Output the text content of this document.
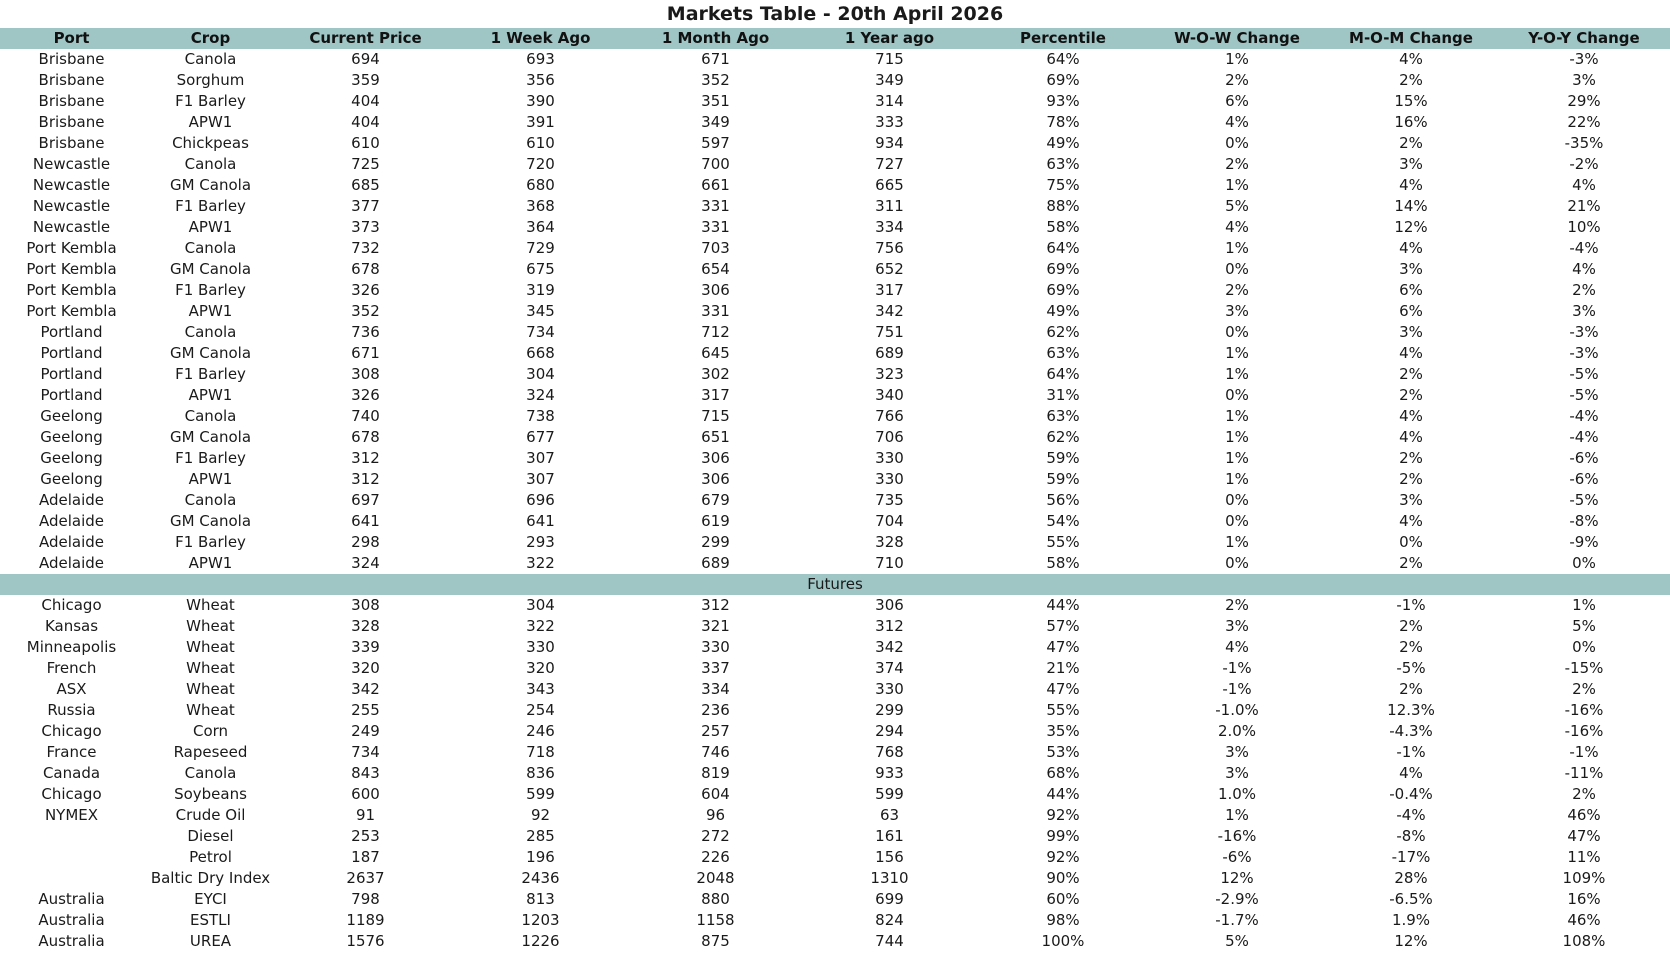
Markets Table - 20th April 2026
Port	Crop	Current Price	1 Week Ago	1 Month Ago	1 Year ago	Percentile	W-O-W Change	M-O-M Change	Y-O-Y Change
Brisbane	Canola	694	693	671	715	64%	1%	4%	-3%
Brisbane	Sorghum	359	356	352	349	69%	2%	2%	3%
Brisbane	F1 Barley	404	390	351	314	93%	6%	15%	29%
Brisbane	APW1	404	391	349	333	78%	4%	16%	22%
Brisbane	Chickpeas	610	610	597	934	49%	0%	2%	-35%
Newcastle	Canola	725	720	700	727	63%	2%	3%	-2%
Newcastle	GM Canola	685	680	661	665	75%	1%	4%	4%
Newcastle	F1 Barley	377	368	331	311	88%	5%	14%	21%
Newcastle	APW1	373	364	331	334	58%	4%	12%	10%
Port Kembla	Canola	732	729	703	756	64%	1%	4%	-4%
Port Kembla	GM Canola	678	675	654	652	69%	0%	3%	4%
Port Kembla	F1 Barley	326	319	306	317	69%	2%	6%	2%
Port Kembla	APW1	352	345	331	342	49%	3%	6%	3%
Portland	Canola	736	734	712	751	62%	0%	3%	-3%
Portland	GM Canola	671	668	645	689	63%	1%	4%	-3%
Portland	F1 Barley	308	304	302	323	64%	1%	2%	-5%
Portland	APW1	326	324	317	340	31%	0%	2%	-5%
Geelong	Canola	740	738	715	766	63%	1%	4%	-4%
Geelong	GM Canola	678	677	651	706	62%	1%	4%	-4%
Geelong	F1 Barley	312	307	306	330	59%	1%	2%	-6%
Geelong	APW1	312	307	306	330	59%	1%	2%	-6%
Adelaide	Canola	697	696	679	735	56%	0%	3%	-5%
Adelaide	GM Canola	641	641	619	704	54%	0%	4%	-8%
Adelaide	F1 Barley	298	293	299	328	55%	1%	0%	-9%
Adelaide	APW1	324	322	689	710	58%	0%	2%	0%
Futures									
Chicago	Wheat	308	304	312	306	44%	2%	-1%	1%
Kansas	Wheat	328	322	321	312	57%	3%	2%	5%
Minneapolis	Wheat	339	330	330	342	47%	4%	2%	0%
French	Wheat	320	320	337	374	21%	-1%	-5%	-15%
ASX	Wheat	342	343	334	330	47%	-1%	2%	2%
Russia	Wheat	255	254	236	299	55%	-1.0%	12.3%	-16%
Chicago	Corn	249	246	257	294	35%	2.0%	-4.3%	-16%
France	Rapeseed	734	718	746	768	53%	3%	-1%	-1%
Canada	Canola	843	836	819	933	68%	3%	4%	-11%
Chicago	Soybeans	600	599	604	599	44%	1.0%	-0.4%	2%
NYMEX	Crude Oil	91	92	96	63	92%	1%	-4%	46%
	Diesel	253	285	272	161	99%	-16%	-8%	47%
	Petrol	187	196	226	156	92%	-6%	-17%	11%
	Baltic Dry Index	2637	2436	2048	1310	90%	12%	28%	109%
Australia	EYCI	798	813	880	699	60%	-2.9%	-6.5%	16%
Australia	ESTLI	1189	1203	1158	824	98%	-1.7%	1.9%	46%
Australia	UREA	1576	1226	875	744	100%	5%	12%	108%
